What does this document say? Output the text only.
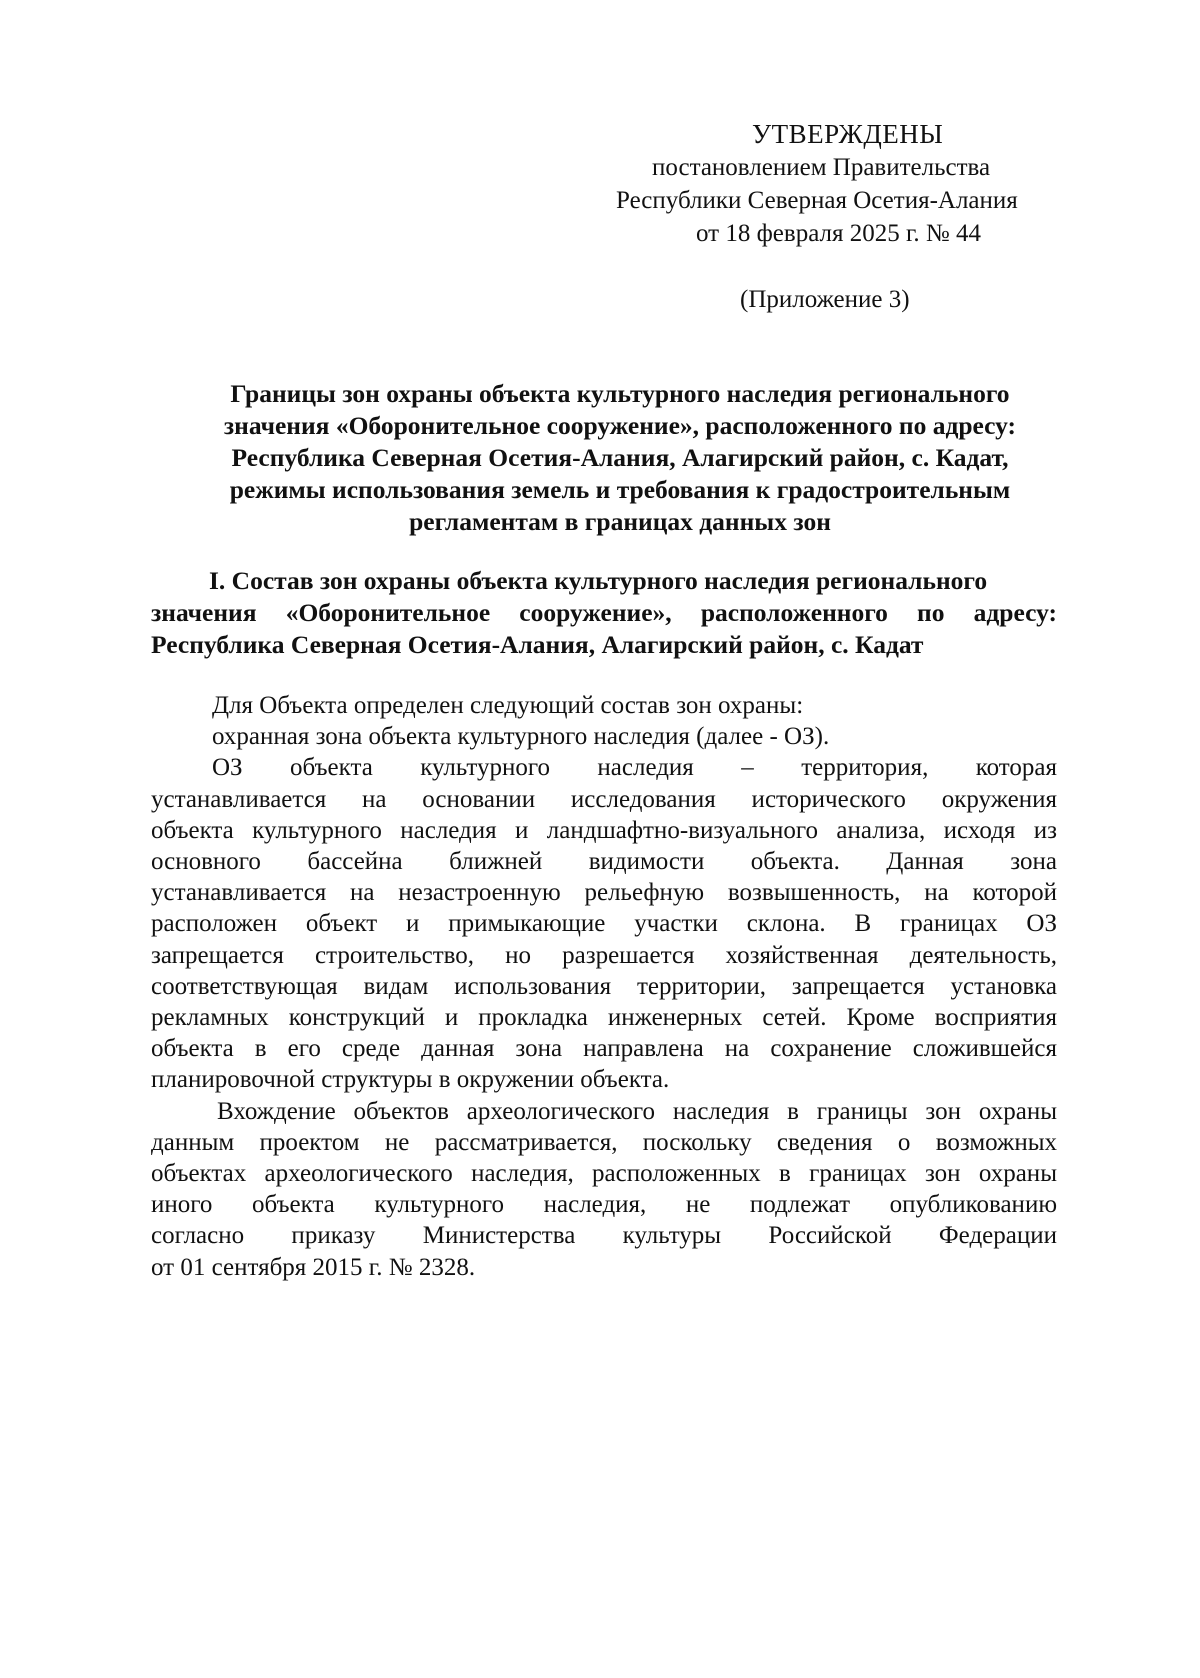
УТВЕРЖДЕНЫ
постановлением Правительства
Республики Северная Осетия-Алания
от 18 февраля 2025 г. № 44
(Приложение 3)
Границы зон охраны объекта культурного наследия регионального
значения «Оборонительное сооружение», расположенного по адресу:
Республика Северная Осетия-Алания, Алагирский район, с. Кадат,
режимы использования земель и требования к градостроительным
регламентам в границах данных зон
I. Состав зон охраны объекта культурного наследия регионального
значения «Оборонительное сооружение», расположенного по адресу:
Республика Северная Осетия-Алания, Алагирский район, с. Кадат
Для Объекта определен следующий состав зон охраны:
охранная зона объекта культурного наследия (далее - ОЗ).
ОЗ объекта культурного наследия – территория, которая
устанавливается на основании исследования исторического окружения
объекта культурного наследия и ландшафтно-визуального анализа, исходя из
основного бассейна ближней видимости объекта. Данная зона
устанавливается на незастроенную рельефную возвышенность, на которой
расположен объект и примыкающие участки склона. В границах ОЗ
запрещается строительство, но разрешается хозяйственная деятельность,
соответствующая видам использования территории, запрещается установка
рекламных конструкций и прокладка инженерных сетей. Кроме восприятия
объекта в его среде данная зона направлена на сохранение сложившейся
планировочной структуры в окружении объекта.
Вхождение объектов археологического наследия в границы зон охраны
данным проектом не рассматривается, поскольку сведения о возможных
объектах археологического наследия, расположенных в границах зон охраны
иного объекта культурного наследия, не подлежат опубликованию
согласно приказу Министерства культуры Российской Федерации
от 01 сентября 2015 г. № 2328.
